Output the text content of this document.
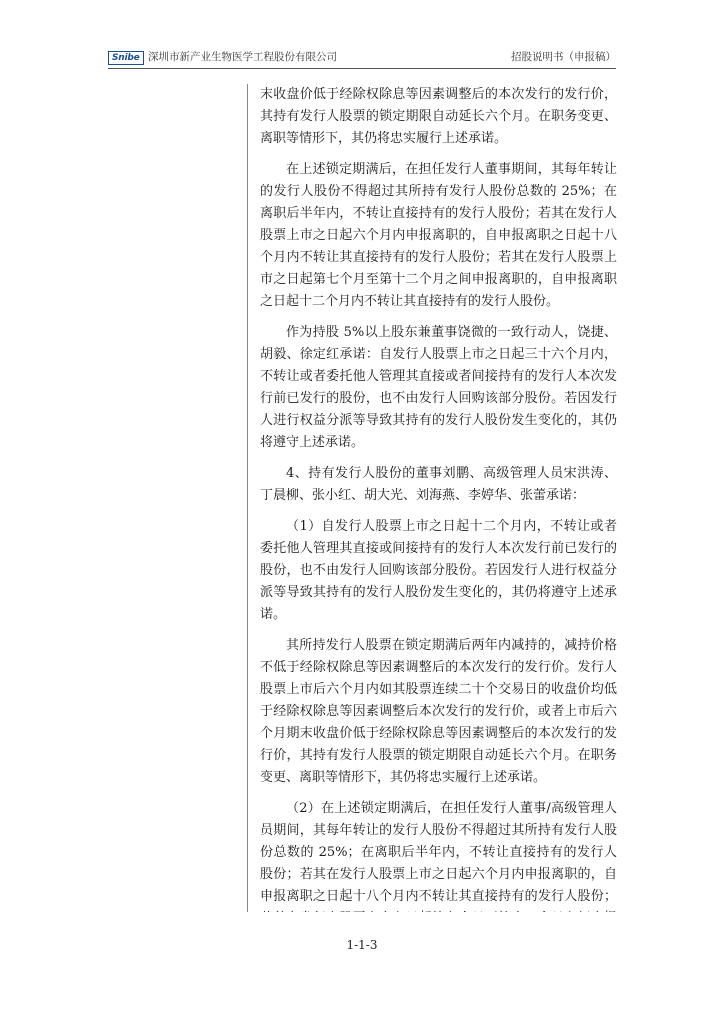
Snibe 深圳市新产业生物医学工程股份有限公司	招股说明书（申报稿）

末收盘价低于经除权除息等因素调整后的本次发行的发行价，其持有发行人股票的锁定期限自动延长六个月。在职务变更、离职等情形下，其仍将忠实履行上述承诺。

在上述锁定期满后，在担任发行人董事期间，其每年转让的发行人股份不得超过其所持有发行人股份总数的 25%；在离职后半年内，不转让直接持有的发行人股份；若其在发行人股票上市之日起六个月内申报离职的，自申报离职之日起十八个月内不转让其直接持有的发行人股份；若其在发行人股票上市之日起第七个月至第十二个月之间申报离职的，自申报离职之日起十二个月内不转让其直接持有的发行人股份。

作为持股 5%以上股东兼董事饶微的一致行动人，饶捷、胡毅、徐定红承诺：自发行人股票上市之日起三十六个月内，不转让或者委托他人管理其直接或者间接持有的发行人本次发行前已发行的股份，也不由发行人回购该部分股份。若因发行人进行权益分派等导致其持有的发行人股份发生变化的，其仍将遵守上述承诺。

4、持有发行人股份的董事刘鹏、高级管理人员宋洪涛、丁晨柳、张小红、胡大光、刘海燕、李婷华、张蕾承诺：

（1）自发行人股票上市之日起十二个月内，不转让或者委托他人管理其直接或间接持有的发行人本次发行前已发行的股份，也不由发行人回购该部分股份。若因发行人进行权益分派等导致其持有的发行人股份发生变化的，其仍将遵守上述承诺。

其所持发行人股票在锁定期满后两年内减持的，减持价格不低于经除权除息等因素调整后的本次发行的发行价。发行人股票上市后六个月内如其股票连续二十个交易日的收盘价均低于经除权除息等因素调整后本次发行的发行价，或者上市后六个月期末收盘价低于经除权除息等因素调整后的本次发行的发行价，其持有发行人股票的锁定期限自动延长六个月。在职务变更、离职等情形下，其仍将忠实履行上述承诺。

（2）在上述锁定期满后，在担任发行人董事/高级管理人员期间，其每年转让的发行人股份不得超过其所持有发行人股份总数的 25%；在离职后半年内，不转让直接持有的发行人股份；若其在发行人股票上市之日起六个月内申报离职的，自申报离职之日起十八个月内不转让其直接持有的发行人股份；

1-1-3
